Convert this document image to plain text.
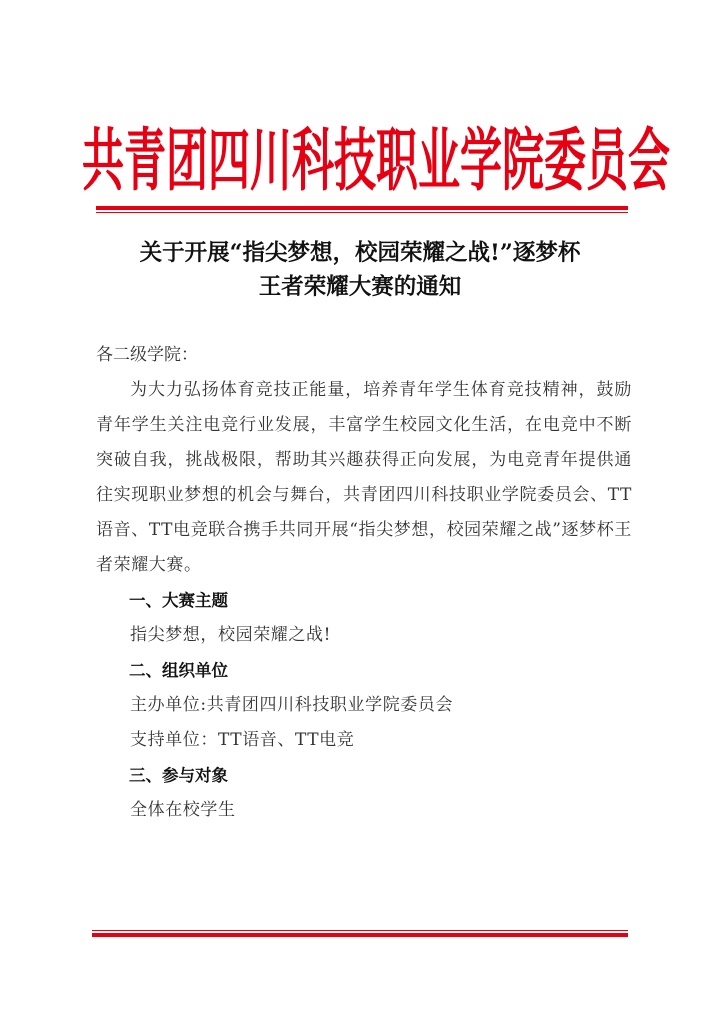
共青团四川科技职业学院委员会
关于开展“指尖梦想，校园荣耀之战!”逐梦杯
王者荣耀大赛的通知

各二级学院：

为大力弘扬体育竞技正能量，培养青年学生体育竞技精神，鼓励青年学生关注电竞行业发展，丰富学生校园文化生活，在电竞中不断突破自我，挑战极限，帮助其兴趣获得正向发展，为电竞青年提供通往实现职业梦想的机会与舞台，共青团四川科技职业学院委员会、TT语音、TT电竞联合携手共同开展“指尖梦想，校园荣耀之战”逐梦杯王者荣耀大赛。

一、大赛主题

指尖梦想，校园荣耀之战!

二、组织单位

主办单位:共青团四川科技职业学院委员会

支持单位：TT语音、TT电竞

三、参与对象

全体在校学生
